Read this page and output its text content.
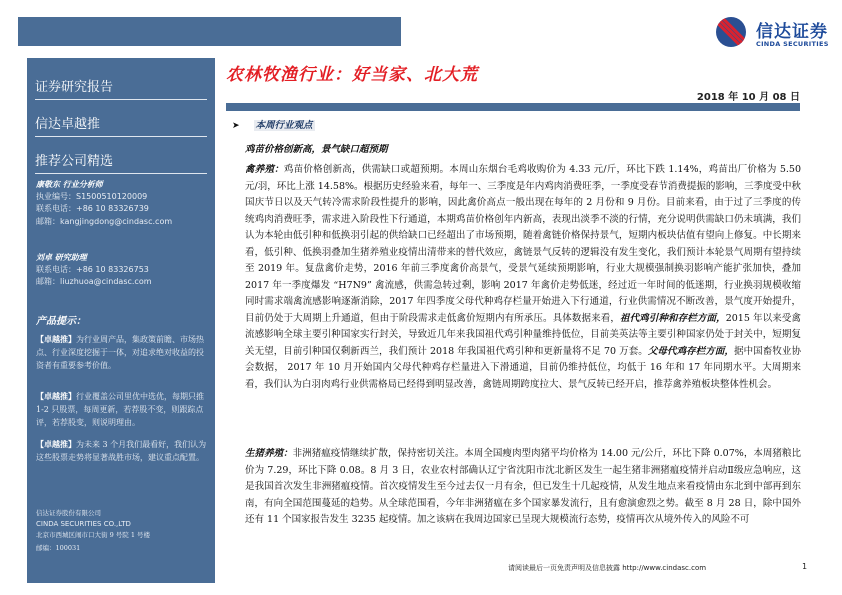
信达证券
CINDA SECURITIES
证券研究报告
信达卓越推
推荐公司精选
康敬东 行业分析师
执业编号：S1500510120009
联系电话：+86 10 83326739
邮箱：kangjingdong@cindasc.com
刘卓 研究助理
联系电话：+86 10 83326753
邮箱：liuzhuoa@cindasc.com
产品提示：
【卓越推】为行业周产品，集政策前瞻、市场热点、行业深度挖掘于一体，对追求绝对收益的投资者有重要参考价值。
【卓越推】行业覆盖公司里优中选优，每期只推 1-2 只股票，每周更新，若荐股不变，则跟踪点评，若荐股变，则说明理由。
【卓越推】为未来 3 个月我们最看好，我们认为这些股票走势将显著战胜市场，建议重点配置。
信达证券股份有限公司
CINDA SECURITIES CO.,LTD
北京市西城区闹市口大街 9 号院 1 号楼
邮编：100031
农林牧渔行业：好当家、北大荒
2018 年 10 月 08 日
➤ 本周行业观点
鸡苗价格创新高，景气缺口超预期

禽养殖：鸡苗价格创新高，供需缺口或超预期。本周山东烟台毛鸡收购价为 4.33 元/斤，环比下跌 1.14%，鸡苗出厂价格为 5.50 元/羽，环比上涨 14.58%。根据历史经验来看，每年一、三季度是年内鸡肉消费旺季，一季度受春节消费提振的影响，三季度受中秋国庆节日以及天气转冷需求阶段性提升的影响，因此禽价高点一般出现在每年的 2 月份和 9 月份。目前来看，由于过了三季度的传统鸡肉消费旺季，需求进入阶段性下行通道，本期鸡苗价格创年内新高，表现出淡季不淡的行情，充分说明供需缺口仍未填满，我们认为本轮由低引种和低换羽引起的供给缺口已经超出了市场预期，随着禽链价格保持景气，短期内板块估值有望向上修复。中长期来看，低引种、低换羽叠加生猪养殖业疫情出清带来的替代效应，禽链景气反转的逻辑没有发生变化，我们预计本轮景气周期有望持续至 2019 年。复盘禽价走势，2016 年前三季度禽价高景气，受景气延续预期影响，行业大规模强制换羽影响产能扩张加快，叠加 2017 年一季度爆发 “H7N9” 禽流感，供需急转过剩，影响 2017 年禽价走势低迷，经过近一年时间的低迷期，行业换羽规模收缩同时需求端禽流感影响逐渐消除，2017 年四季度父母代种鸡存栏量开始进入下行通道，行业供需情况不断改善，景气度开始提升，目前仍处于大周期上升通道，但由于阶段需求走低禽价短期内有所承压。具体数据来看，祖代鸡引种和存栏方面，2015 年以来受禽流感影响全球主要引种国家实行封关，导致近几年来我国祖代鸡引种量维持低位，目前美英法等主要引种国家仍处于封关中，短期复关无望，目前引种国仅剩新西兰，我们预计 2018 年我国祖代鸡引种和更新量将不足 70 万套。父母代鸡存栏方面，据中国畜牧业协会数据， 2017 年 10 月开始国内父母代种鸡存栏量进入下滑通道，目前仍维持低位，均低于 16 年和 17 年同期水平。大周期来看，我们认为白羽肉鸡行业供需格局已经得到明显改善，禽链周期跨度拉大、景气反转已经开启，推荐禽养殖板块整体性机会。

生猪养殖：非洲猪瘟疫情继续扩散，保持密切关注。本周全国瘦肉型肉猪平均价格为 14.00 元/公斤，环比下降 0.07%，本周猪粮比价为 7.29，环比下降 0.08。8 月 3 日，农业农村部确认辽宁省沈阳市沈北新区发生一起生猪非洲猪瘟疫情并启动Ⅱ级应急响应，这是我国首次发生非洲猪瘟疫情。首次疫情发生至今过去仅一月有余，但已发生十几起疫情，从发生地点来看疫情由东北到中部再到东南，有向全国范围蔓延的趋势。从全球范围看，今年非洲猪瘟在多个国家暴发流行，且有愈演愈烈之势。截至 8 月 28 日，除中国外还有 11 个国家报告发生 3235 起疫情。加之该病在我周边国家已呈现大规模流行态势，疫情再次从境外传入的风险不可

请阅读最后一页免责声明及信息披露 http://www.cindasc.com	1
